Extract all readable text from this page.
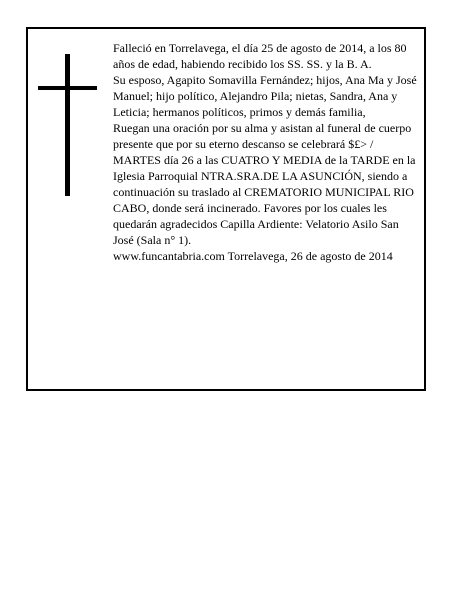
Falleció en Torrelavega, el día 25 de agosto de 2014, a los 80 años de edad, habiendo recibido los SS. SS. y la B. A.

Su esposo, Agapito Somavilla Fernández; hijos, Ana Ma y José Manuel; hijo político, Alejandro Pila; nietas, Sandra, Ana y Leticia; hermanos políticos, primos y demás familia,

Ruegan una oración por su alma y asistan al funeral de cuerpo presente que por su eterno descanso se celebrará $£> / MARTES día 26 a las CUATRO Y MEDIA de la TARDE en la Iglesia Parroquial NTRA.SRA.DE LA ASUNCIÓN, siendo a continuación su traslado al CREMATORIO MUNICIPAL RIO CABO, donde será incinerado. Favores por los cuales les quedarán agradecidos Capilla Ardiente: Velatorio Asilo San José (Sala n° 1).

www.funcantabria.com Torrelavega, 26 de agosto de 2014
